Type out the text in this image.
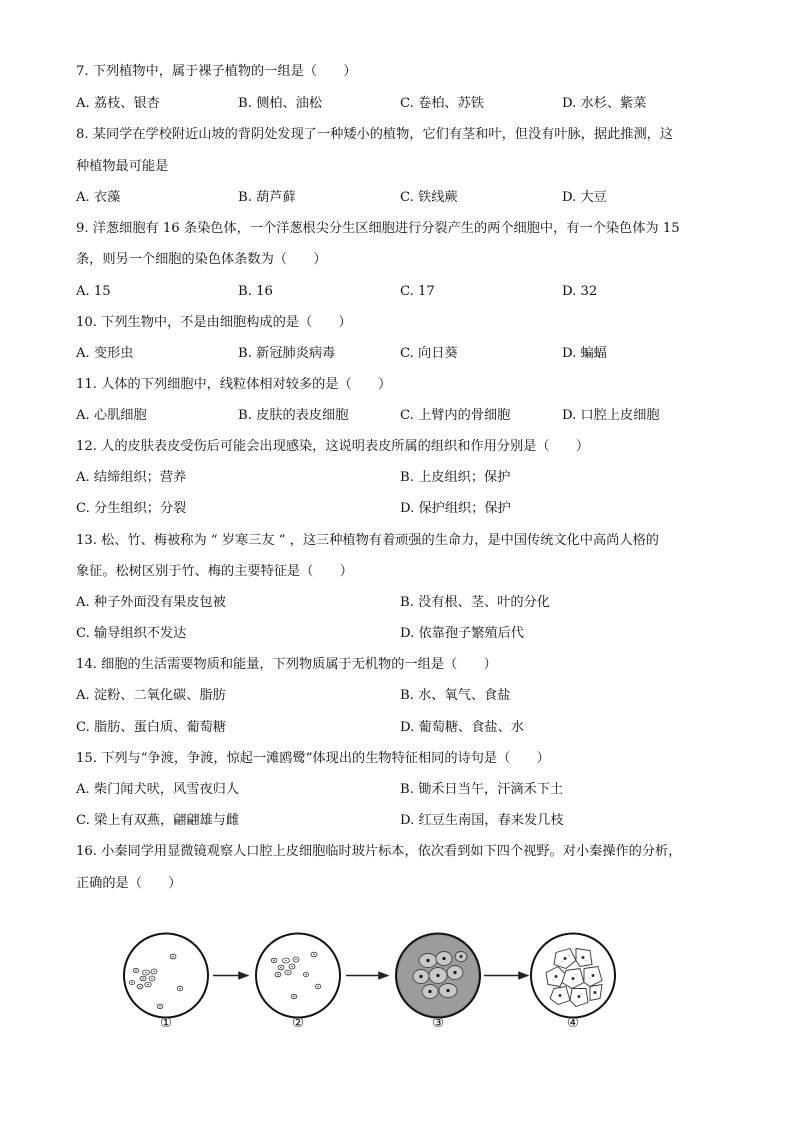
7. 下列植物中，属于裸子植物的一组是（　　）
A. 荔枝、银杏	B. 侧柏、油松	C. 卷柏、苏铁	D. 水杉、紫菜
8. 某同学在学校附近山坡的背阴处发现了一种矮小的植物，它们有茎和叶，但没有叶脉，据此推测，这
种植物最可能是
A. 衣藻	B. 葫芦藓	C. 铁线蕨	D. 大豆
9. 洋葱细胞有 16 条染色体，一个洋葱根尖分生区细胞进行分裂产生的两个细胞中，有一个染色体为 15
条，则另一个细胞的染色体条数为（　　）
A. 15	B. 16	C. 17	D. 32
10. 下列生物中，不是由细胞构成的是（　　）
A. 变形虫	B. 新冠肺炎病毒	C. 向日葵	D. 蝙蝠
11. 人体的下列细胞中，线粒体相对较多的是（　　）
A. 心肌细胞	B. 皮肤的表皮细胞	C. 上臂内的骨细胞	D. 口腔上皮细胞
12. 人的皮肤表皮受伤后可能会出现感染，这说明表皮所属的组织和作用分别是（　　）
A. 结缔组织；营养	B. 上皮组织；保护
C. 分生组织；分裂	D. 保护组织；保护
13. 松、竹、梅被称为 “ 岁寒三友 ” ，这三种植物有着顽强的生命力，是中国传统文化中高尚人格的
象征。松树区别于竹、梅的主要特征是（　　）
A. 种子外面没有果皮包被	B. 没有根、茎、叶的分化
C. 输导组织不发达	D. 依靠孢子繁殖后代
14. 细胞的生活需要物质和能量，下列物质属于无机物的一组是（　　）
A. 淀粉、二氧化碳、脂肪	B. 水、氧气、食盐
C. 脂肪、蛋白质、葡萄糖	D. 葡萄糖、食盐、水
15. 下列与“争渡，争渡，惊起一滩鸥鹭”体现出的生物特征相同的诗句是（　　）
A. 柴门闻犬吠，风雪夜归人	B. 锄禾日当午，汗滴禾下土
C. 梁上有双燕，翩翩雄与雌	D. 红豆生南国，春来发几枝
16. 小秦同学用显微镜观察人口腔上皮细胞临时玻片标本，依次看到如下四个视野。对小秦操作的分析，
正确的是（　　）
①	②	③	④
